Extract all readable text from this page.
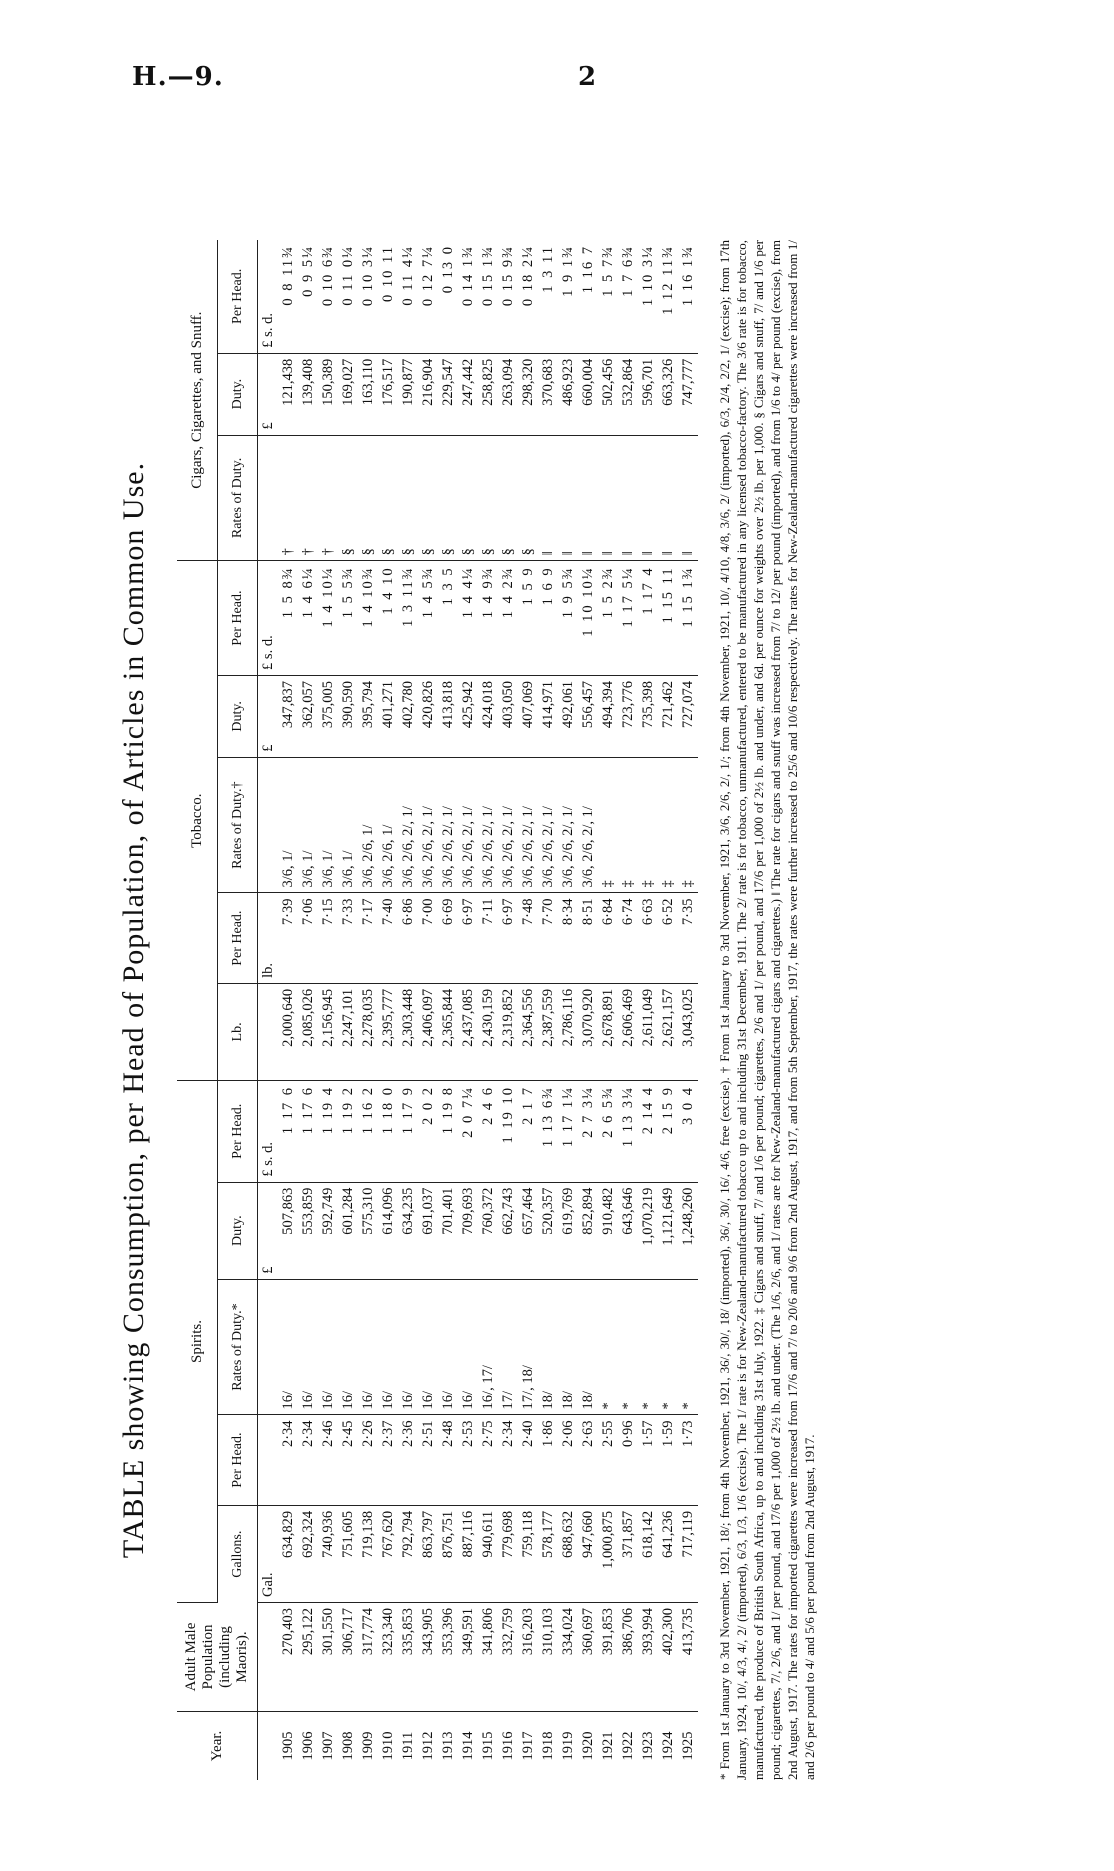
H.—9.	2
TABLE showing Consumption, per Head of Population, of Articles in Common Use.
Year.	Adult Male Population (including Maoris).	Spirits.					Tobacco.					Cigars, Cigarettes, and Snuff.		
		Gallons.	Per Head.	Rates of Duty.*	Duty.	Per Head.	Lb.	Per Head.	Rates of Duty.†	Duty.	Per Head.	Rates of Duty.	Duty.	Per Head.
		Gal.			£	£ s. d.		lb.		£	£ s. d.		£	£ s. d.
1905	270,403	634,829	2·34	16/	507,863	1 17 6	2,000,640	7·39	3/6, 1/	347,837	1 5 8¾	†	121,438	0 8 11¾
1906	295,122	692,324	2·34	16/	553,859	1 17 6	2,085,026	7·06	3/6, 1/	362,057	1 4 6¼	†	139,408	0 9 5¼
1907	301,550	740,936	2·46	16/	592,749	1 19 4	2,156,945	7·15	3/6, 1/	375,005	1 4 10¼	†	150,389	0 10 6¾
1908	306,717	751,605	2·45	16/	601,284	1 19 2	2,247,101	7·33	3/6, 1/	390,590	1 5 5¾	§	169,027	0 11 0¼
1909	317,774	719,138	2·26	16/	575,310	1 16 2	2,278,035	7·17	3/6, 2/6, 1/	395,794	1 4 10¾	§	163,110	0 10 3¼
1910	323,340	767,620	2·37	16/	614,096	1 18 0	2,395,777	7·40	3/6, 2/6, 1/	401,271	1 4 10	§	176,517	0 10 11
1911	335,853	792,794	2·36	16/	634,235	1 17 9	2,303,448	6·86	3/6, 2/6, 2/, 1/	402,780	1 3 11¾	§	190,877	0 11 4¼
1912	343,905	863,797	2·51	16/	691,037	2 0 2	2,406,097	7·00	3/6, 2/6, 2/, 1/	420,826	1 4 5¾	§	216,904	0 12 7¼
1913	353,396	876,751	2·48	16/	701,401	1 19 8	2,365,844	6·69	3/6, 2/6, 2/, 1/	413,818	1 3 5	§	229,547	0 13 0
1914	349,591	887,116	2·53	16/	709,693	2 0 7¼	2,437,085	6·97	3/6, 2/6, 2/, 1/	425,942	1 4 4¼	§	247,442	0 14 1¾
1915	341,806	940,611	2·75	16/, 17/	760,372	2 4 6	2,430,159	7·11	3/6, 2/6, 2/, 1/	424,018	1 4 9¾	§	258,825	0 15 1¾
1916	332,759	779,698	2·34	17/	662,743	1 19 10	2,319,852	6·97	3/6, 2/6, 2/, 1/	403,050	1 4 2¾	§	263,094	0 15 9¾
1917	316,203	759,118	2·40	17/, 18/	657,464	2 1 7	2,364,556	7·48	3/6, 2/6, 2/, 1/	407,069	1 5 9	§	298,320	0 18 2¼
1918	310,103	578,177	1·86	18/	520,357	1 13 6¾	2,387,559	7·70	3/6, 2/6, 2/, 1/	414,971	1 6 9	‖	370,683	1 3 11
1919	334,024	688,632	2·06	18/	619,769	1 17 1¼	2,786,116	8·34	3/6, 2/6, 2/, 1/	492,061	1 9 5¾	‖	486,923	1 9 1¾
1920	360,697	947,660	2·63	18/	852,894	2 7 3¼	3,070,920	8·51	3/6, 2/6, 2/, 1/	556,457	1 10 10¼	‖	660,004	1 16 7
1921	391,853	1,000,875	2·55	*	910,482	2 6 5¾	2,678,891	6·84	‡	494,394	1 5 2¾	‖	502,456	1 5 7¾
1922	386,706	371,857	0·96	*	643,646	1 13 3¼	2,606,469	6·74	‡	723,776	1 17 5¼	‖	532,864	1 7 6¾
1923	393,994	618,142	1·57	*	1,070,219	2 14 4	2,611,049	6·63	‡	735,398	1 17 4	‖	596,701	1 10 3¼
1924	402,300	641,236	1·59	*	1,121,649	2 15 9	2,621,157	6·52	‡	721,462	1 15 11	‖	663,326	1 12 11¾
1925	413,735	717,119	1·73	*	1,248,260	3 0 4	3,043,025	7·35	‡	727,074	1 15 1¾	‖	747,777	1 16 1¾ * From 1st January to 3rd November, 1921, 18/; from 4th November, 1921, 36/, 30/, 18/ (imported), 36/, 30/, 16/, 4/6, free (excise). † From 1st January to 3rd November, 1921, 3/6, 2/6, 2/, 1/; from 4th November, 1921, 10/, 4/10, 4/8, 3/6, 2/ (imported), 6/3, 2/4, 2/2, 1/ (excise); from 17th January, 1924, 10/, 4/3, 4/, 2/ (imported), 6/3, 1/3, 1/6 (excise). The 1/ rate is for New-Zealand-manufactured tobacco up to and including 31st December, 1911. The 2/ rate is for tobacco, unmanufactured, entered to be manufactured in any licensed tobacco-factory. The 3/6 rate is for tobacco, manufactured, the produce of British South Africa, up to and including 31st July, 1922. ‡ Cigars and snuff, 7/ and 1/6 per pound; cigarettes, 2/6 and 1/ per pound, and 17/6 per 1,000 of 2½ lb. and under, and 6d. per ounce for weights over 2½ lb. per 1,000. § Cigars and snuff, 7/ and 1/6 per pound; cigarettes, 7/, 2/6, and 1/ per pound, and 17/6 per 1,000 of 2½ lb. and under. (The 1/6, 2/6, and 1/ rates are for New-Zealand-manufactured cigars and cigarettes.) ‖ The rate for cigars and snuff was increased from 7/ to 12/ per pound (imported), and from 1/6 to 4/ per pound (excise), from 2nd August, 1917. The rates for imported cigarettes were increased from 17/6 and 7/ to 20/6 and 9/6 from 2nd August, 1917, and from 5th September, 1917, the rates were further increased to 25/6 and 10/6 respectively. The rates for New-Zealand-manufactured cigarettes were increased from 1/ and 2/6 per pound to 4/ and 5/6 per pound from 2nd August, 1917.
